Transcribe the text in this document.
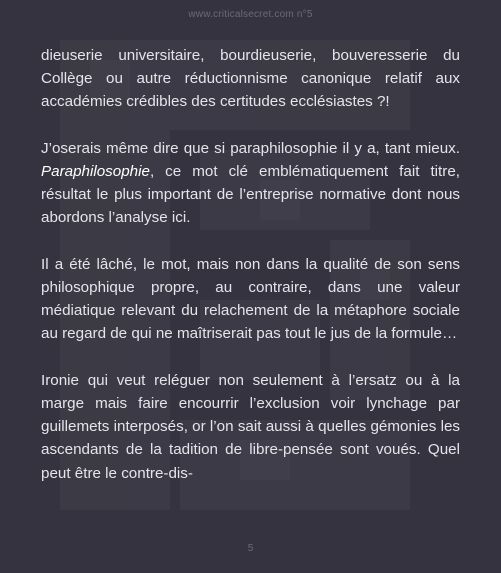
www.criticalsecret.com n°5

dieuserie universitaire, bourdieuserie, bouveresserie du Collège ou autre réductionnisme canonique relatif aux accadémies crédibles des certitudes ecclésiastes ?!

J’oserais même dire que si paraphilosophie il y a, tant mieux. Paraphilosophie, ce mot clé emblématiquement fait titre, résultat le plus important de l’entreprise normative dont nous abordons l’analyse ici.

Il a été lâché, le mot, mais non dans la qualité de son sens philosophique propre, au contraire, dans une valeur médiatique relevant du relachement de la métaphore sociale au regard de qui ne maîtriserait pas tout le jus de la formule…

Ironie qui veut reléguer non seulement à l’ersatz ou à la marge mais faire encourrir l’exclusion voir lynchage par guillemets interposés, or l’on sait aussi à quelles gémonies les ascendants de la tadition de libre-pensée sont voués. Quel peut être le contre-dis-

5
